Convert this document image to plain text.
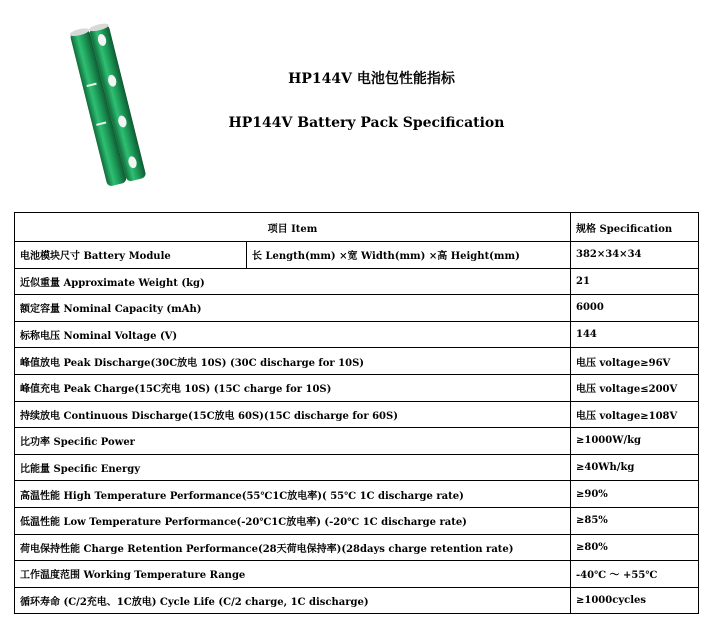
HP144V 电池包性能指标
HP144V Battery Pack Specification
项目 Item		规格 Specification
电池模块尺寸 Battery Module	长 Length(mm) ×宽 Width(mm) ×高 Height(mm)	382×34×34
近似重量 Approximate Weight (kg)		21
额定容量 Nominal Capacity (mAh)		6000
标称电压 Nominal Voltage (V)		144
峰值放电 Peak Discharge(30C放电 10S) (30C discharge for 10S)		电压 voltage≥96V
峰值充电 Peak Charge(15C充电 10S) (15C charge for 10S)		电压 voltage≤200V
持续放电 Continuous Discharge(15C放电 60S)(15C discharge for 60S)		电压 voltage≥108V
比功率 Specific Power		≥1000W/kg
比能量 Specific Energy		≥40Wh/kg
高温性能 High Temperature Performance(55℃1C放电率)( 55℃ 1C discharge rate)		≥90%
低温性能 Low Temperature Performance(-20℃1C放电率) (-20℃ 1C discharge rate)		≥85%
荷电保持性能 Charge Retention Performance(28天荷电保持率)(28days charge retention rate)		≥80%
工作温度范围 Working Temperature Range		-40℃ ～ +55℃
循环寿命 (C/2充电、1C放电) Cycle Life (C/2 charge, 1C discharge)		≥1000cycles
